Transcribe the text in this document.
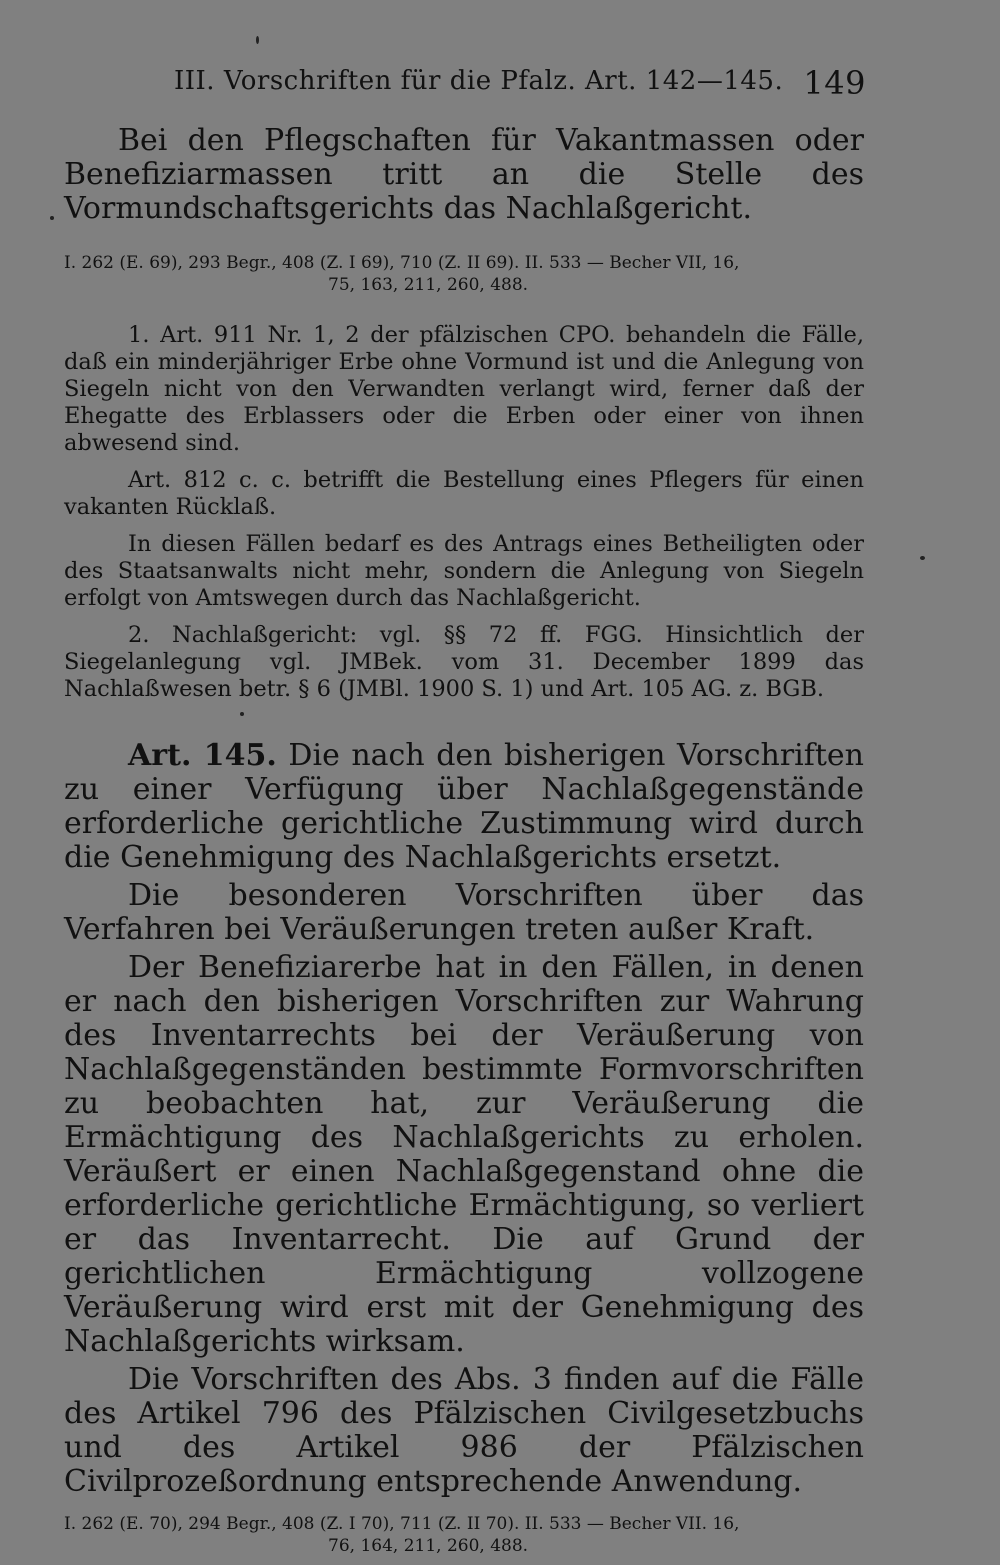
III. Vorschriften für die Pfalz. Art. 142—145. 149

Bei den Pflegschaften für Vakantmassen oder Benefiziarmassen tritt an die Stelle des Vormundschaftsgerichts das Nachlaßgericht.

I. 262 (E. 69), 293 Begr., 408 (Z. I 69), 710 (Z. II 69). II. 533 — Becher VII, 16,
75, 163, 211, 260, 488.

1. Art. 911 Nr. 1, 2 der pfälzischen CPO. behandeln die Fälle, daß ein minderjähriger Erbe ohne Vormund ist und die Anlegung von Siegeln nicht von den Verwandten verlangt wird, ferner daß der Ehegatte des Erblassers oder die Erben oder einer von ihnen abwesend sind.

Art. 812 c. c. betrifft die Bestellung eines Pflegers für einen vakanten Rücklaß.

In diesen Fällen bedarf es des Antrags eines Betheiligten oder des Staatsanwalts nicht mehr, sondern die Anlegung von Siegeln erfolgt von Amtswegen durch das Nachlaßgericht.

2. Nachlaßgericht: vgl. §§ 72 ff. FGG. Hinsichtlich der Siegelanlegung vgl. JMBek. vom 31. December 1899 das Nachlaßwesen betr. § 6 (JMBl. 1900 S. 1) und Art. 105 AG. z. BGB.

Art. 145. Die nach den bisherigen Vorschriften zu einer Verfügung über Nachlaßgegenstände erforderliche gerichtliche Zustimmung wird durch die Genehmigung des Nachlaßgerichts ersetzt.

Die besonderen Vorschriften über das Verfahren bei Veräußerungen treten außer Kraft.

Der Benefiziarerbe hat in den Fällen, in denen er nach den bisherigen Vorschriften zur Wahrung des Inventarrechts bei der Veräußerung von Nachlaßgegenständen bestimmte Formvorschriften zu beobachten hat, zur Veräußerung die Ermächtigung des Nachlaßgerichts zu erholen. Veräußert er einen Nachlaßgegenstand ohne die erforderliche gerichtliche Ermächtigung, so verliert er das Inventarrecht. Die auf Grund der gerichtlichen Ermächtigung vollzogene Veräußerung wird erst mit der Genehmigung des Nachlaßgerichts wirksam.

Die Vorschriften des Abs. 3 finden auf die Fälle des Artikel 796 des Pfälzischen Civilgesetzbuchs und des Artikel 986 der Pfälzischen Civilprozeßordnung entsprechende Anwendung.

I. 262 (E. 70), 294 Begr., 408 (Z. I 70), 711 (Z. II 70). II. 533 — Becher VII. 16,
76, 164, 211, 260, 488.
